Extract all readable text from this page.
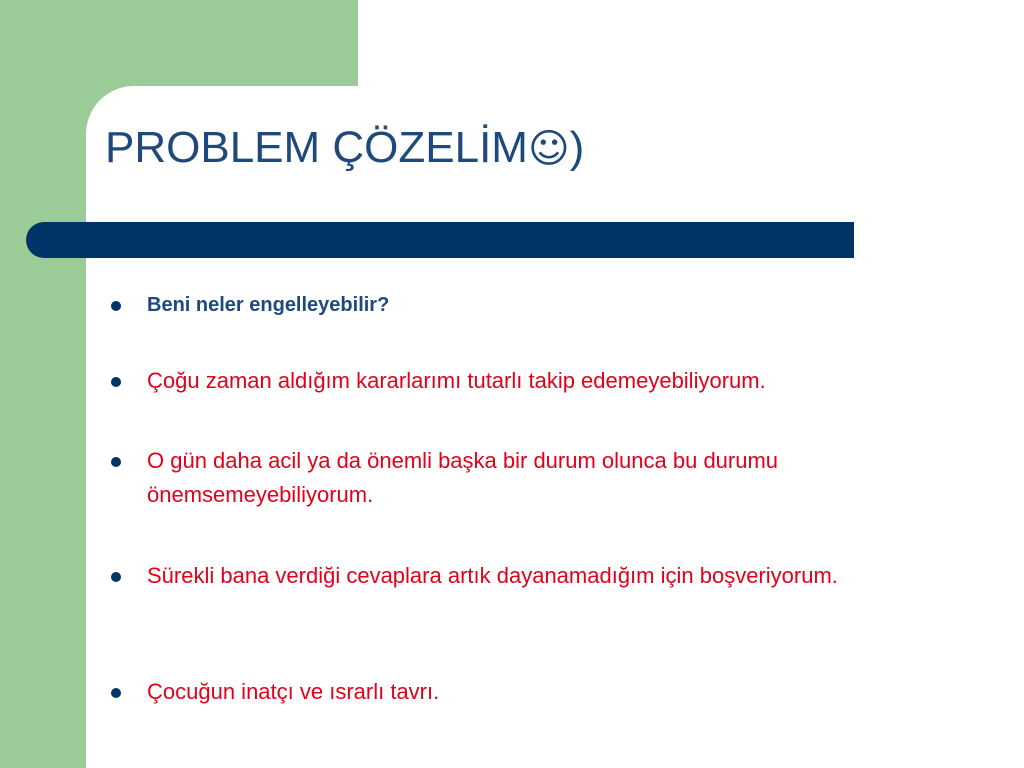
PROBLEM ÇÖZELİM☺)
Beni neler engelleyebilir?
Çoğu zaman aldığım kararlarımı tutarlı takip edemeyebiliyorum.
O gün daha acil ya da önemli başka bir durum olunca bu durumu önemsemeyebiliyorum.
Sürekli bana verdiği cevaplara artık dayanamadığım için boşveriyorum.
Çocuğun inatçı ve ısrarlı tavrı.
